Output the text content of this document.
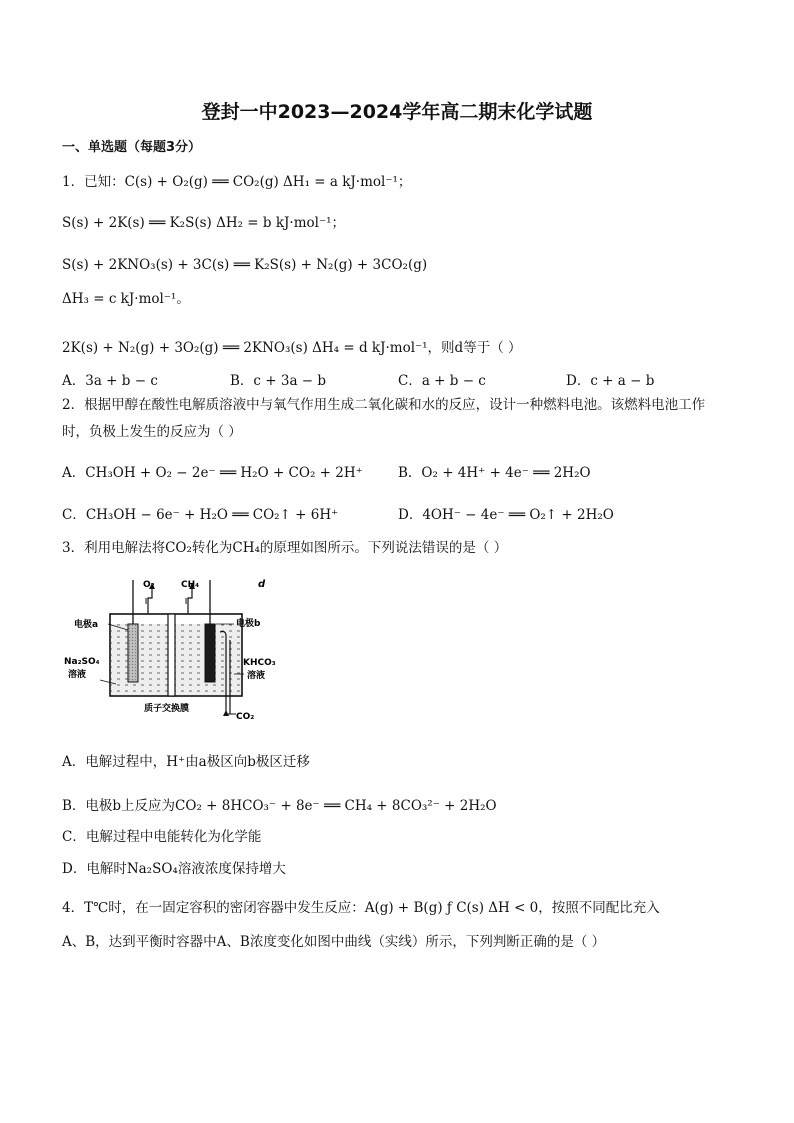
登封一中2023—2024学年高二期末化学试题
一、单选题（每题3分）
1．已知：C(s) + O₂(g) ══ CO₂(g) ΔH₁ = a kJ·mol⁻¹；
S(s) + 2K(s) ══ K₂S(s) ΔH₂ = b kJ·mol⁻¹；
S(s) + 2KNO₃(s) + 3C(s) ══ K₂S(s) + N₂(g) + 3CO₂(g)
ΔH₃ = c kJ·mol⁻¹。
2K(s) + N₂(g) + 3O₂(g) ══ 2KNO₃(s) ΔH₄ = d kJ·mol⁻¹，则d等于（ ）
A．3a + b − c	B．c + 3a − b	C．a + b − c	D．c + a − b
2．根据甲醇在酸性电解质溶液中与氧气作用生成二氧化碳和水的反应，设计一种燃料电池。该燃料电池工作
时，负极上发生的反应为（ ）
A．CH₃OH + O₂ − 2e⁻ ══ H₂O + CO₂ + 2H⁺	B．O₂ + 4H⁺ + 4e⁻ ══ 2H₂O
C．CH₃OH − 6e⁻ + H₂O ══ CO₂↑ + 6H⁺	D．4OH⁻ − 4e⁻ ══ O₂↑ + 2H₂O
3．利用电解法将CO₂转化为CH₄的原理如图所示。下列说法错误的是（ ）
O₂	CH₄	d
电极a	电极b
Na₂SO₄
溶液
KHCO₃
溶液
质子交换膜
CO₂
A．电解过程中，H⁺由a极区向b极区迁移
B．电极b上反应为CO₂ + 8HCO₃⁻ + 8e⁻ ══ CH₄ + 8CO₃²⁻ + 2H₂O
C．电解过程中电能转化为化学能
D．电解时Na₂SO₄溶液浓度保持增大
4．T℃时，在一固定容积的密闭容器中发生反应：A(g) + B(g) ƒ C(s) ΔH < 0，按照不同配比充入
A、B，达到平衡时容器中A、B浓度变化如图中曲线（实线）所示，下列判断正确的是（ ）
